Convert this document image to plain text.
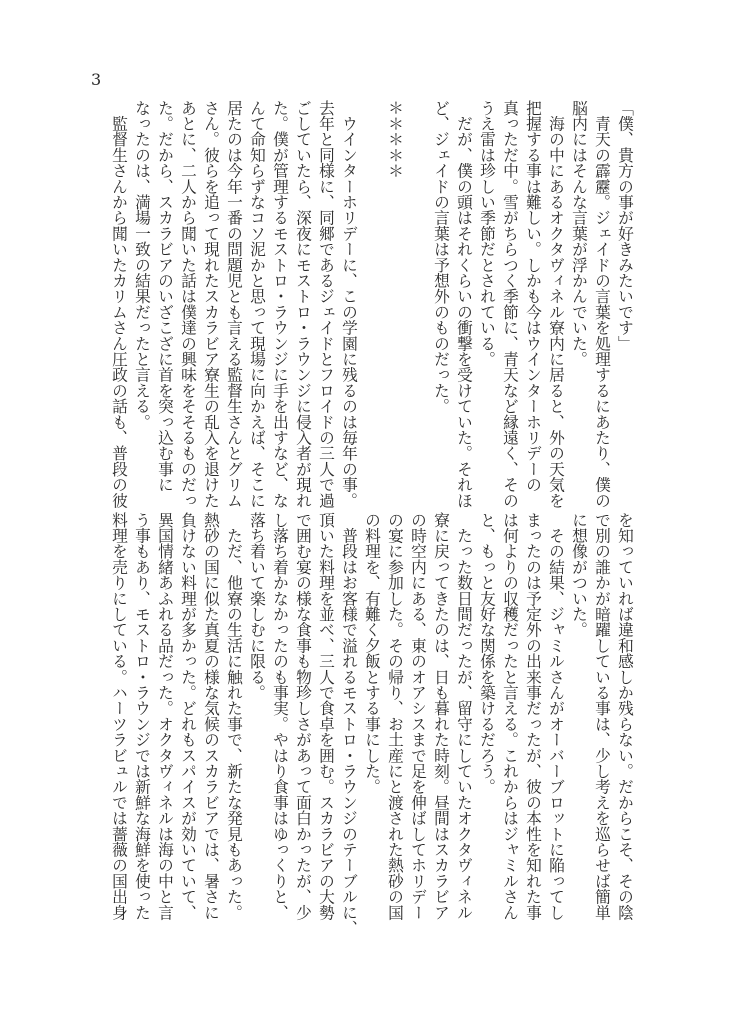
3
「僕、貴方の事が好きみたいです」
　青天の霹靂。ジェイドの言葉を処理するにあたり、僕の
脳内にはそんな言葉が浮かんでいた。
　海の中にあるオクタヴィネル寮内に居ると、外の天気を
把握する事は難しい。しかも今はウインターホリデーの
真っただ中。雪がちらつく季節に、青天など縁遠く、その
うえ雷は珍しい季節だとされている。
　だが、僕の頭はそれくらいの衝撃を受けていた。それほ
ど、ジェイドの言葉は予想外のものだった。
＊＊＊＊＊
　ウインターホリデーに、この学園に残るのは毎年の事。
去年と同様に、同郷であるジェイドとフロイドの三人で過
ごしていたら、深夜にモストロ・ラウンジに侵入者が現れ
た。僕が管理するモストロ・ラウンジに手を出すなど、な
んて命知らずなコソ泥かと思って現場に向かえば、そこに
居たのは今年一番の問題児とも言える監督生さんとグリム
さん。彼らを追って現れたスカラビア寮生の乱入を退けた
あとに、二人から聞いた話は僕達の興味をそそるものだっ
た。だから、スカラビアのいざこざに首を突っ込む事に
なったのは、満場一致の結果だったと言える。
　監督生さんから聞いたカリムさん圧政の話も、普段の彼
を知っていれば違和感しか残らない。だからこそ、その陰
で別の誰かが暗躍している事は、少し考えを巡らせば簡単
に想像がついた。
　その結果、ジャミルさんがオーバーブロットに陥ってし
まったのは予定外の出来事だったが、彼の本性を知れた事
は何よりの収穫だったと言える。これからはジャミルさん
と、もっと友好な関係を築けるだろう。
　たった数日間だったが、留守にしていたオクタヴィネル
寮に戻ってきたのは、日も暮れた時刻。昼間はスカラビア
の時空内にある、東のオアシスまで足を伸ばしてホリデー
の宴に参加した。その帰り、お土産にと渡された熱砂の国
の料理を、有難く夕飯とする事にした。
　普段はお客様で溢れるモストロ・ラウンジのテーブルに、
頂いた料理を並べ、三人で食卓を囲む。スカラビアの大勢
で囲む宴の様な食事も物珍しさがあって面白かったが、少
し落ち着かなかったのも事実。やはり食事はゆっくりと、
落ち着いて楽しむに限る。
　ただ、他寮の生活に触れた事で、新たな発見もあった。
熱砂の国に似た真夏の様な気候のスカラビアでは、暑さに
負けない料理が多かった。どれもスパイスが効いていて、
異国情緒あふれる品だった。オクタヴィネルは海の中と言
う事もあり、モストロ・ラウンジでは新鮮な海鮮を使った
料理を売りにしている。ハーツラビュルでは薔薇の国出身
